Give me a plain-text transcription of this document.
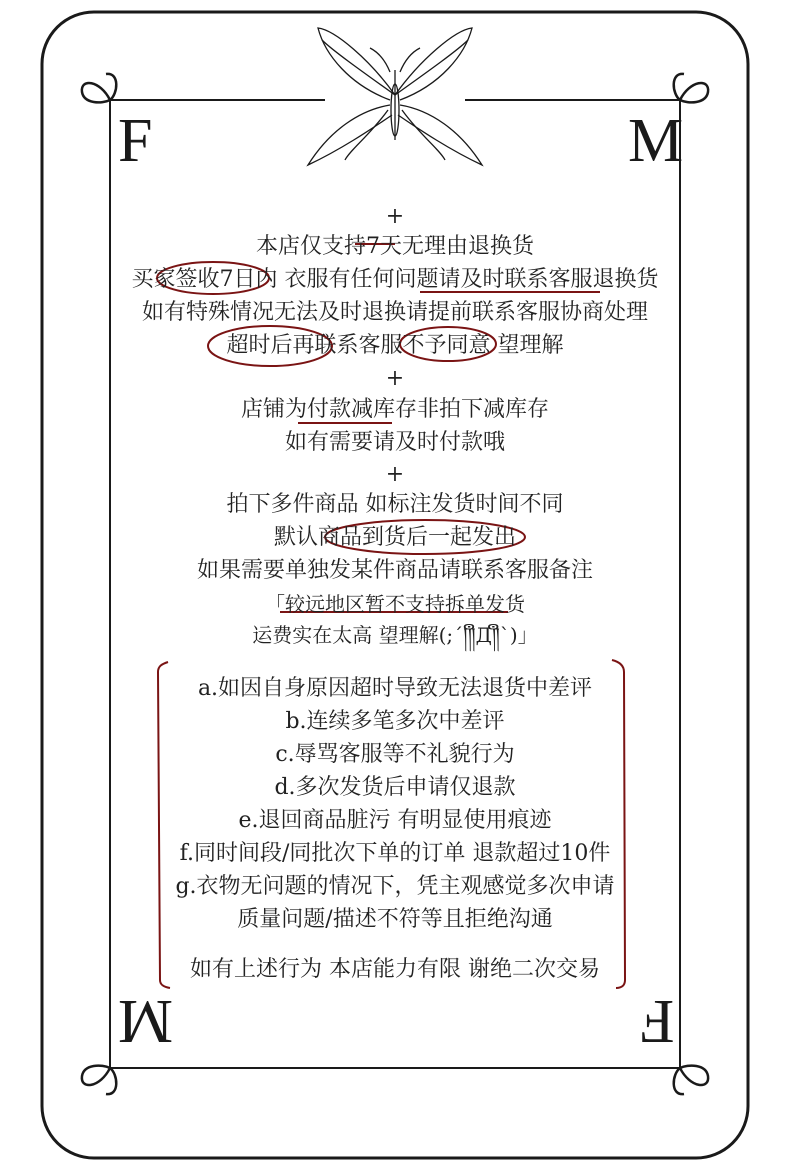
F	M
M	F
+
本店仅支持7天无理由退换货
买家签收7日内 衣服有任何问题请及时联系客服退换货
如有特殊情况无法及时退换请提前联系客服协商处理
超时后再联系客服不予同意 望理解
+
店铺为付款减库存非拍下减库存
如有需要请及时付款哦
+
拍下多件商品 如标注发货时间不同
默认商品到货后一起发出
如果需要单独发某件商品请联系客服备注
「较远地区暂不支持拆单发货
运费实在太高 望理解(;´།༎ຶД༎ຶ`)」
a.如因自身原因超时导致无法退货中差评
b.连续多笔多次中差评
c.辱骂客服等不礼貌行为
d.多次发货后申请仅退款
e.退回商品脏污 有明显使用痕迹
f.同时间段/同批次下单的订单 退款超过10件
g.衣物无问题的情况下，凭主观感觉多次申请
质量问题/描述不符等且拒绝沟通
如有上述行为 本店能力有限 谢绝二次交易
